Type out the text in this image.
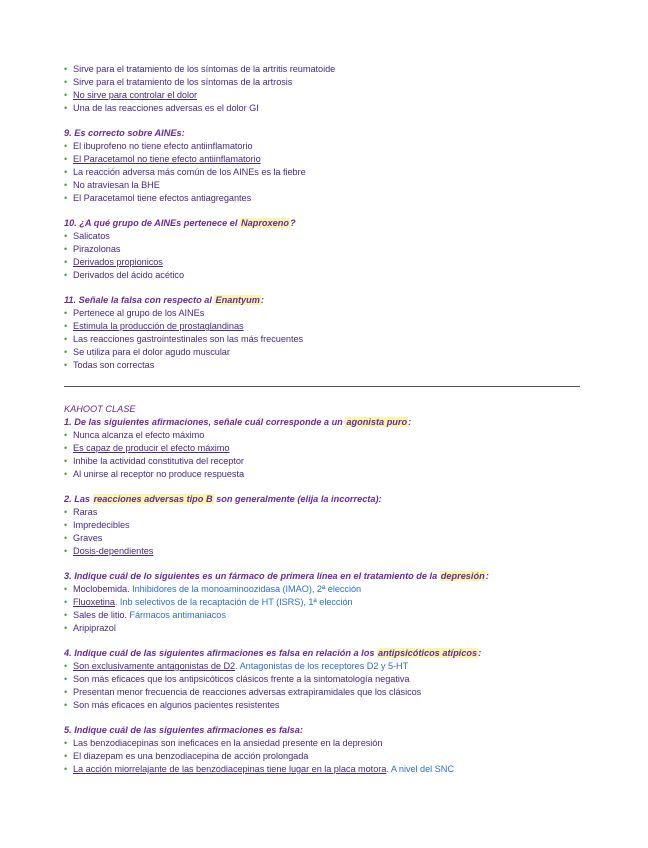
• Sirve para el tratamiento de los síntomas de la artritis reumatoide
• Sirve para el tratamiento de los síntomas de la artrosis
• No sirve para controlar el dolor
• Una de las reacciones adversas es el dolor GI

9. Es correcto sobre AINEs:

• El ibuprofeno no tiene efecto antiinflamatorio
• El Paracetamol no tiene efecto antiinflamatorio
• La reacción adversa más común de los AINEs es la fiebre
• No atraviesan la BHE
• El Paracetamol tiene efectos antiagregantes

10. ¿A qué grupo de AINEs pertenece el Naproxeno?

• Salicatos
• Pirazolonas
• Derivados propionicos
• Derivados del ácido acético

11. Señale la falsa con respecto al Enantyum:

• Pertenece al grupo de los AINEs
• Estimula la producción de prostaglandinas
• Las reacciones gastrointestinales son las más frecuentes
• Se utiliza para el dolor agudo muscular
• Todas son correctas

KAHOOT CLASE

1. De las siguientes afirmaciones, señale cuál corresponde a un agonista puro:

• Nunca alcanza el efecto máximo
• Es capaz de producir el efecto máximo
• Inhibe la actividad constitutiva del receptor
• Al unirse al receptor no produce respuesta

2. Las reacciones adversas tipo B son generalmente (elija la incorrecta):

• Raras
• Impredecibles
• Graves
• Dosis-dependientes

3. Indique cuál de lo siguientes es un fármaco de primera línea en el tratamiento de la depresión:

• Moclobemida. Inhibidores de la monoaminoozidasa (IMAO), 2ª elección
• Fluoxetina. Inb selectivos de la recaptación de HT (ISRS), 1ª elección
• Sales de litio. Fármacos antimaniacos
• Aripiprazol

4. Indique cuál de las siguientes afirmaciones es falsa en relación a los antipsicóticos atípicos:

• Son exclusivamente antagonistas de D2. Antagonistas de los receptores D2 y 5-HT
• Son más eficaces que los antipsicóticos clásicos frente a la sintomatología negativa
• Presentan menor frecuencia de reacciones adversas extrapiramidales que los clásicos
• Son más eficaces en algunos pacientes resistentes

5. Indique cuál de las siguientes afirmaciones es falsa:

• Las benzodiacepinas son ineficaces en la ansiedad presente en la depresión
• El diazepam es una benzodiacepina de acción prolongada
• La acción miorrelajante de las benzodiacepinas tiene lugar en la placa motora. A nivel del SNC
